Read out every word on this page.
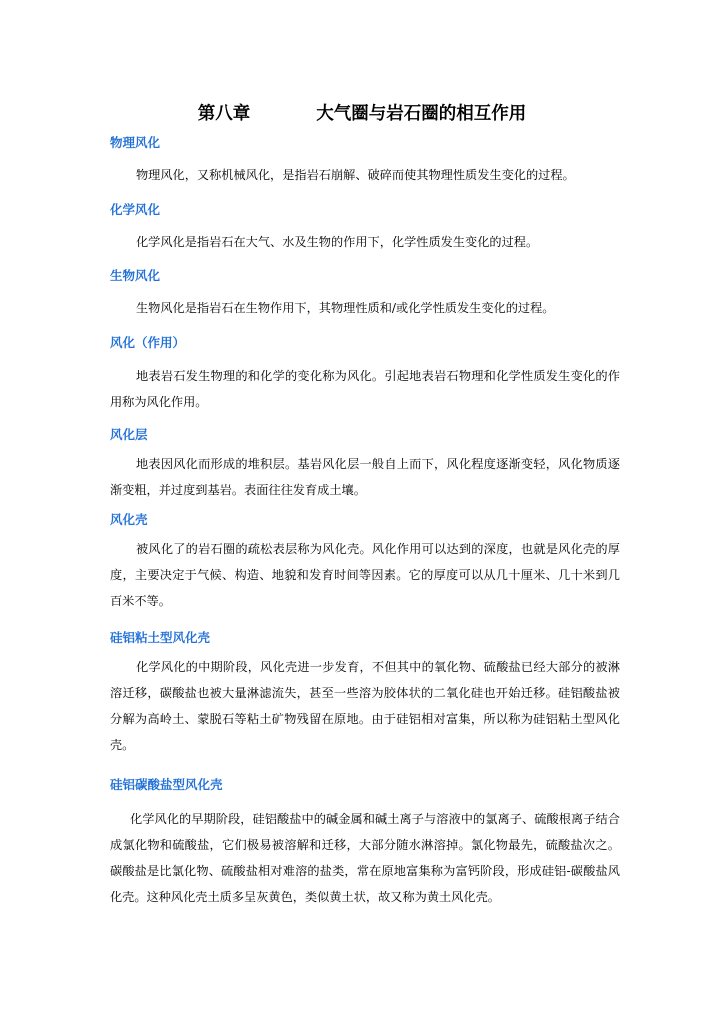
第八章	大气圈与岩石圈的相互作用
物理风化
物理风化，又称机械风化，是指岩石崩解、破碎而使其物理性质发生变化的过程。
化学风化
化学风化是指岩石在大气、水及生物的作用下，化学性质发生变化的过程。
生物风化
生物风化是指岩石在生物作用下，其物理性质和/或化学性质发生变化的过程。
风化（作用）
地表岩石发生物理的和化学的变化称为风化。引起地表岩石物理和化学性质发生变化的作用称为风化作用。
风化层
地表因风化而形成的堆积层。基岩风化层一般自上而下，风化程度逐渐变轻，风化物质逐渐变粗，并过度到基岩。表面往往发育成土壤。
风化壳
被风化了的岩石圈的疏松表层称为风化壳。风化作用可以达到的深度，也就是风化壳的厚度，主要决定于气候、构造、地貌和发育时间等因素。它的厚度可以从几十厘米、几十米到几百米不等。
硅铝粘土型风化壳
化学风化的中期阶段，风化壳进一步发育，不但其中的氧化物、硫酸盐已经大部分的被淋溶迁移，碳酸盐也被大量淋滤流失，甚至一些溶为胶体状的二氧化硅也开始迁移。硅铝酸盐被分解为高岭土、蒙脱石等粘土矿物残留在原地。由于硅铝相对富集，所以称为硅铝粘土型风化壳。
硅铝碳酸盐型风化壳
化学风化的早期阶段，硅铝酸盐中的碱金属和碱土离子与溶液中的氯离子、硫酸根离子结合成氯化物和硫酸盐，它们极易被溶解和迁移，大部分随水淋溶掉。氯化物最先，硫酸盐次之。碳酸盐是比氯化物、硫酸盐相对难溶的盐类，常在原地富集称为富钙阶段，形成硅铝-碳酸盐风化壳。这种风化壳土质多呈灰黄色，类似黄土状，故又称为黄土风化壳。
